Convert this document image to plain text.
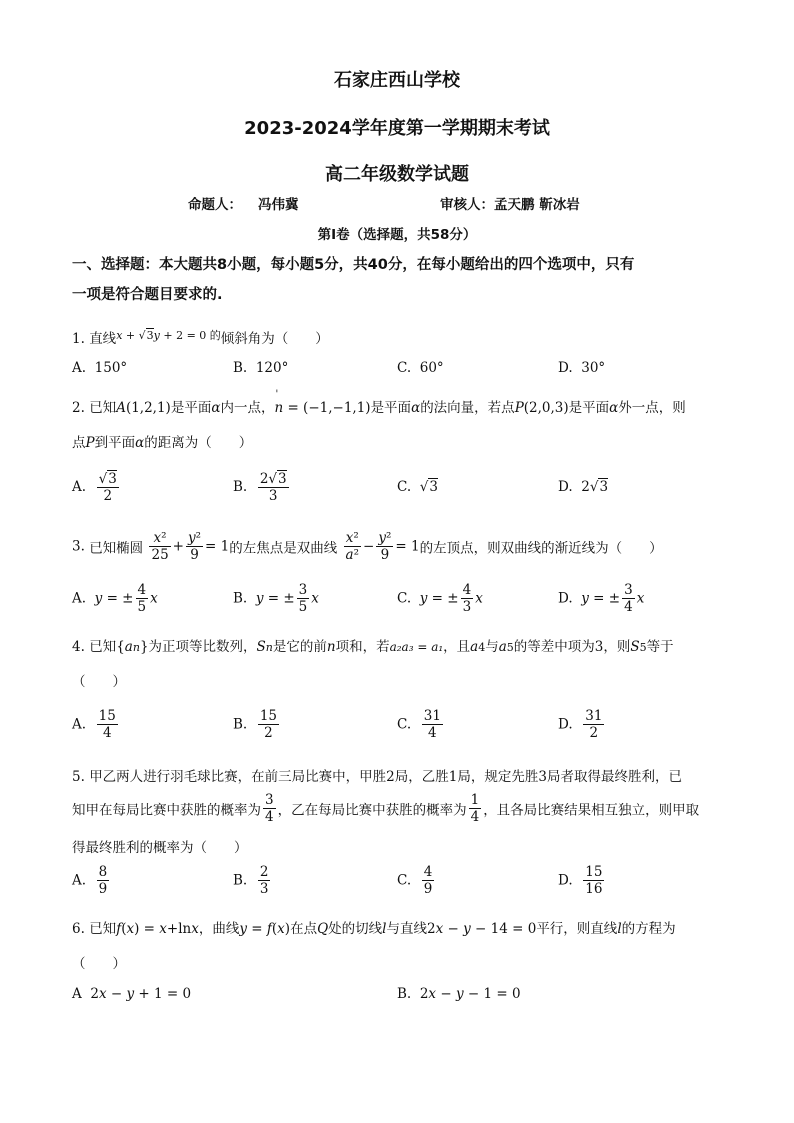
石家庄西山学校
2023-2024学年度第一学期期末考试
高二年级数学试题
命题人： 冯伟冀	审核人：孟天鹏 靳冰岩
第I卷（选择题，共58分）
一、选择题：本大题共8小题，每小题5分，共40分，在每小题给出的四个选项中，只有
一项是符合题目要求的.
1. 直线$^{x + √3y + 2 = 0 的}$倾斜角为（　　）
A. 150°	B. 120°	C. 60°	D. 30°
2. 已知A(1,2,1)是平面α内一点，' n = (−1,−1,1)是平面α的法向量，若点P(2,0,3)是平面α外一点，则
点P到平面α的距离为（　　）
A. $\frac{√3}{2}$	B. $\frac{2√3}{3}$	C. √3	D. 2√3
3. 已知椭圆 $\frac{\text{x²}}{25} + \frac{\text{y²}}{9} = 1$的左焦点是双曲线 $\frac{\text{x²}}{\text{a²}} - \frac{\text{y²}}{9} = 1$的左顶点，则双曲线的渐近线为（　　）
A. y = ± $\frac{4}{5}$ x	B. y = ± $\frac{3}{5}$ x	C. y = ± $\frac{4}{3}$ x	D. y = ± $\frac{3}{4}$ x
4. 已知{an}为正项等比数列，Sn是它的前n项和，若a₂a₃ = a₁，且a4与a5的等差中项为3，则S5等于
（　　）
A. $\frac{15}{4}$	B. $\frac{15}{2}$	C. $\frac{31}{4}$	D. $\frac{31}{2}$
5. 甲乙两人进行羽毛球比赛，在前三局比赛中，甲胜2局，乙胜1局，规定先胜3局者取得最终胜利，已
知甲在每局比赛中获胜的概率为 $\frac{3}{4}$ ，乙在每局比赛中获胜的概率为 $\frac{1}{4}$ ，且各局比赛结果相互独立，则甲取
得最终胜利的概率为（　　）
A. $\frac{8}{9}$	B. $\frac{2}{3}$	C. $\frac{4}{9}$	D. $\frac{15}{16}$
6. 已知f(x) = x+lnx，曲线y = f(x)在点Q处的切线l与直线2x − y − 14 = 0平行，则直线l的方程为
（　　）
A 2x − y + 1 = 0	B. 2x − y − 1 = 0
